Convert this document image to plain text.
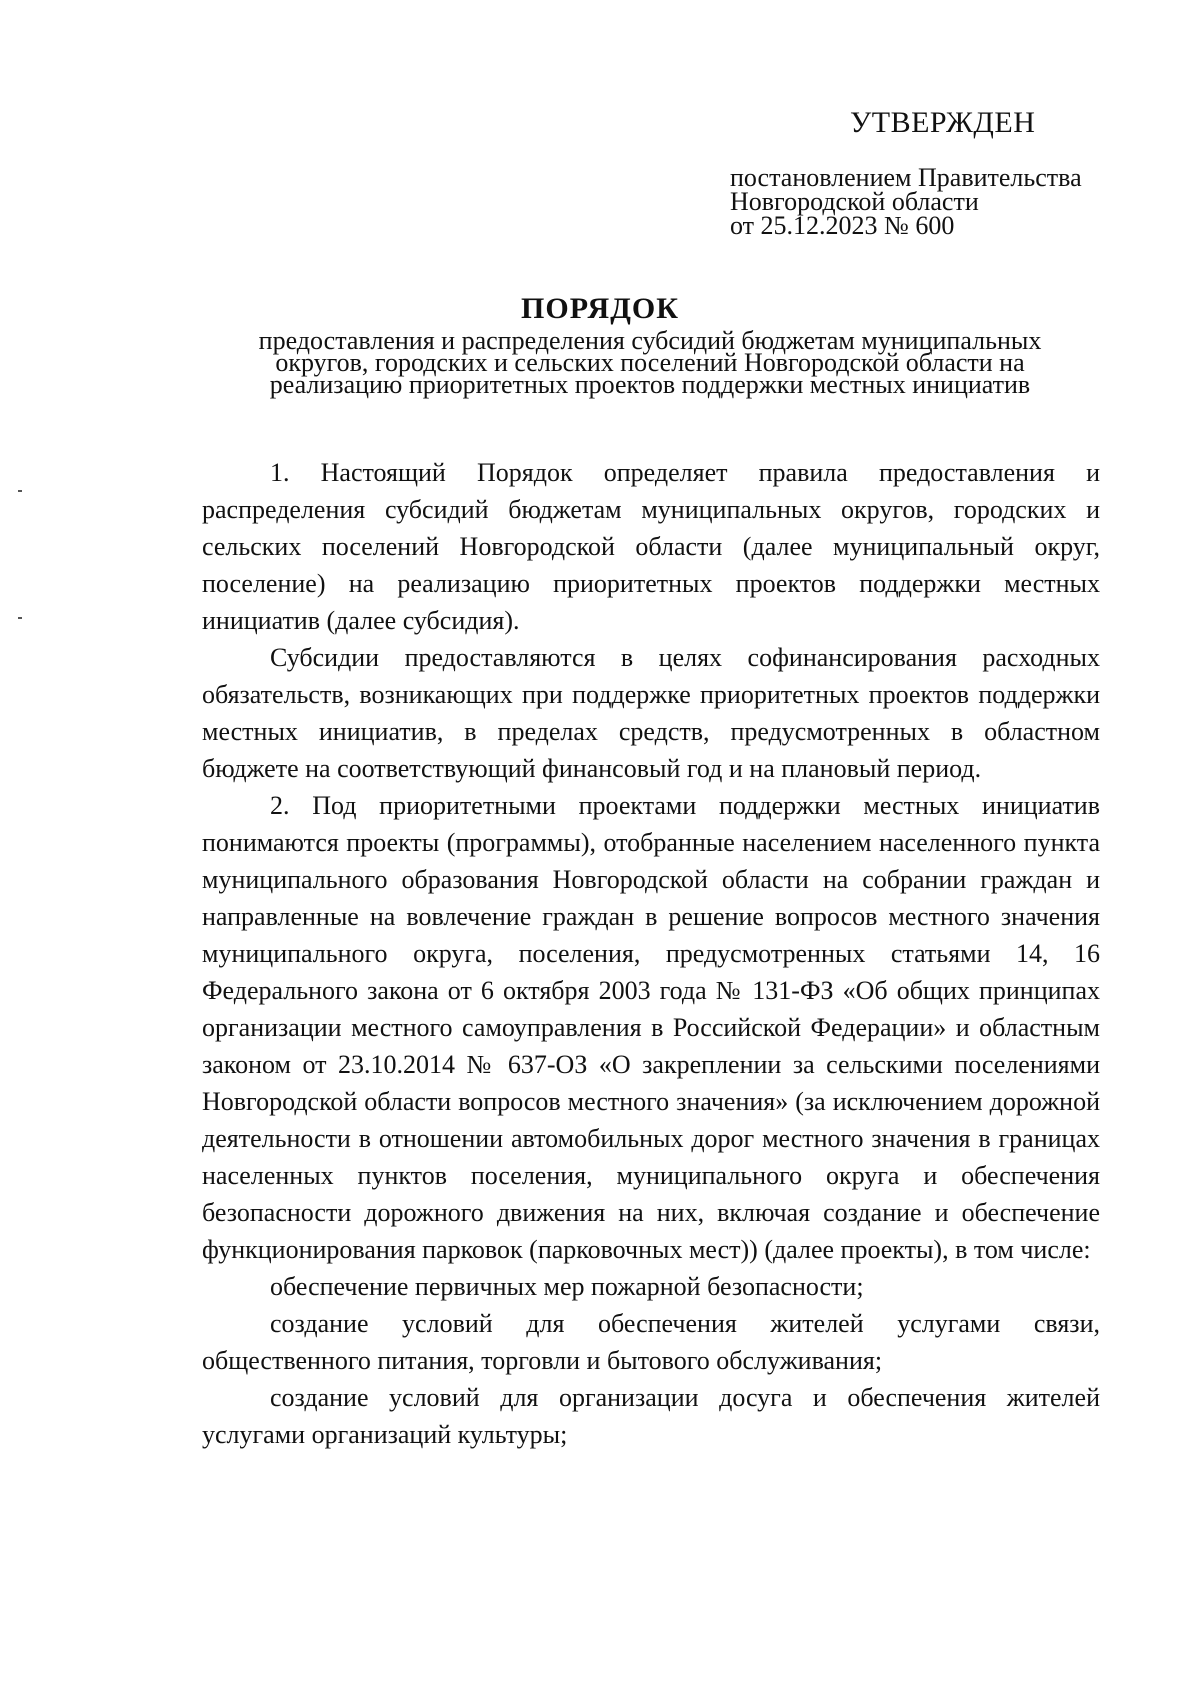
УТВЕРЖДЕН
постановлением Правительства
Новгородской области
от 25.12.2023 № 600
ПОРЯДОК
предоставления и распределения субсидий бюджетам муниципальных
округов, городских и сельских поселений Новгородской области на
реализацию приоритетных проектов поддержки местных инициатив

1. Настоящий Порядок определяет правила предоставления и распределения субсидий бюджетам муниципальных округов, городских и сельских поселений Новгородской области (далее муниципальный округ, поселение) на реализацию приоритетных проектов поддержки местных инициатив (далее субсидия).

Субсидии предоставляются в целях софинансирования расходных обязательств, возникающих при поддержке приоритетных проектов поддержки местных инициатив, в пределах средств, предусмотренных в областном бюджете на соответствующий финансовый год и на плановый период.

2. Под приоритетными проектами поддержки местных инициатив понимаются проекты (программы), отобранные населением населенного пункта муниципального образования Новгородской области на собрании граждан и направленные на вовлечение граждан в решение вопросов местного значения муниципального округа, поселения, предусмотренных статьями 14, 16 Федерального закона от 6 октября 2003 года № 131-ФЗ «Об общих принципах организации местного самоуправления в Российской Федерации» и областным законом от 23.10.2014 № 637-ОЗ «О закреплении за сельскими поселениями Новгородской области вопросов местного значения» (за исключением дорожной деятельности в отношении автомобильных дорог местного значения в границах населенных пунктов поселения, муниципального округа и обеспечения безопасности дорожного движения на них, включая создание и обеспечение функционирования парковок (парковочных мест)) (далее проекты), в том числе:

обеспечение первичных мер пожарной безопасности;

создание условий для обеспечения жителей услугами связи, общественного питания, торговли и бытового обслуживания;

создание условий для организации досуга и обеспечения жителей услугами организаций культуры;
